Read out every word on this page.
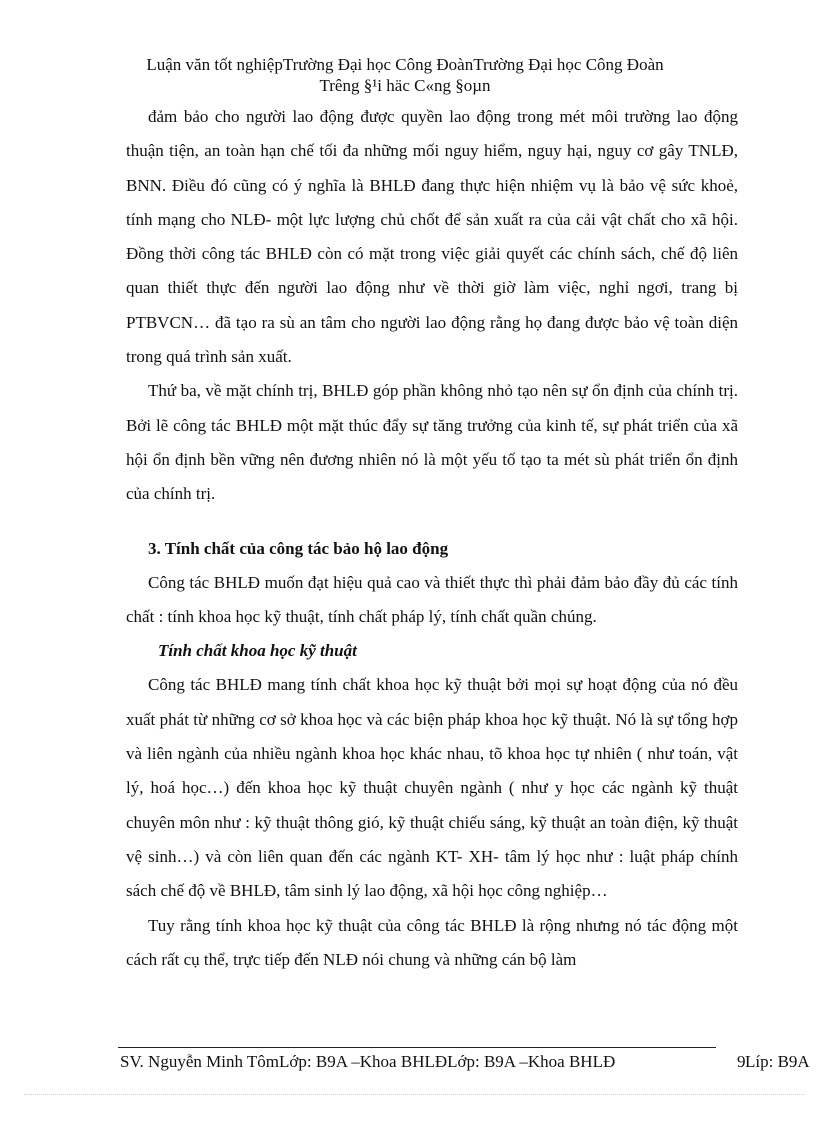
Luận văn tốt nghiệpTrường Đại học Công ĐoànTrường Đại học Công Đoàn
Trêng §¹i häc C«ng §oµn

đảm bảo cho người lao động được quyền lao động trong mét môi trường lao động thuận tiện, an toàn hạn chế tối đa những mối nguy hiểm, nguy hại, nguy cơ gây TNLĐ, BNN. Điều đó cũng có ý nghĩa là BHLĐ đang thực hiện nhiệm vụ là bảo vệ sức khoẻ, tính mạng cho NLĐ- một lực lượng chủ chốt để sản xuất ra của cải vật chất cho xã hội. Đồng thời công tác BHLĐ còn có mặt trong việc giải quyết các chính sách, chế độ liên quan thiết thực đến người lao động như về thời giờ làm việc, nghỉ ngơi, trang bị PTBVCN… đã tạo ra sù an tâm cho người lao động rằng họ đang được bảo vệ toàn diện trong quá trình sản xuất.

Thứ ba, về mặt chính trị, BHLĐ góp phần không nhỏ tạo nên sự ổn định của chính trị. Bởi lẽ công tác BHLĐ một mặt thúc đẩy sự tăng trưởng của kinh tế, sự phát triển của xã hội ổn định bền vững nên đương nhiên nó là một yếu tố tạo ta mét sù phát triển ổn định của chính trị.

3. Tính chất của công tác bảo hộ lao động

Công tác BHLĐ muốn đạt hiệu quả cao và thiết thực thì phải đảm bảo đầy đủ các tính chất : tính khoa học kỹ thuật, tính chất pháp lý, tính chất quần chúng.

Tính chất khoa học kỹ thuật

Công tác BHLĐ mang tính chất khoa học kỹ thuật bởi mọi sự hoạt động của nó đều xuất phát từ những cơ sở khoa học và các biện pháp khoa học kỹ thuật. Nó là sự tổng hợp và liên ngành của nhiều ngành khoa học khác nhau, tõ khoa học tự nhiên ( như toán, vật lý, hoá học…) đến khoa học kỹ thuật chuyên ngành ( như y học các ngành kỹ thuật chuyên môn như : kỹ thuật thông gió, kỹ thuật chiếu sáng, kỹ thuật an toàn điện, kỹ thuật vệ sinh…) và còn liên quan đến các ngành KT- XH- tâm lý học như : luật pháp chính sách chế độ về BHLĐ, tâm sinh lý lao động, xã hội học công nghiệp…

Tuy rằng tính khoa học kỹ thuật của công tác BHLĐ là rộng nhưng nó tác động một cách rất cụ thể, trực tiếp đến NLĐ nói chung và những cán bộ làm

SV. Nguyễn Minh TômLớp: B9A –Khoa BHLĐLớp: B9A –Khoa BHLĐ	9 Líp: B9A
